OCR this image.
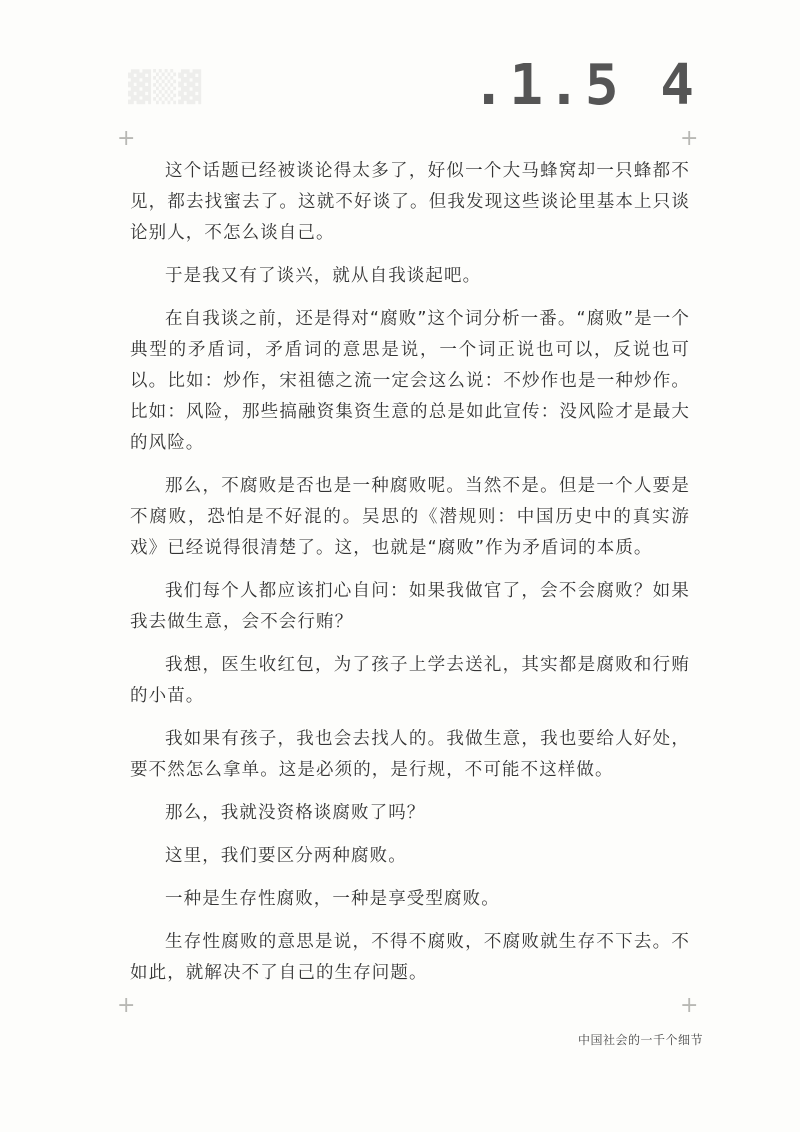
▓▒▓	.1.5 4
+	+

这个话题已经被谈论得太多了，好似一个大马蜂窝却一只蜂都不见，都去找蜜去了。这就不好谈了。但我发现这些谈论里基本上只谈论别人，不怎么谈自己。

于是我又有了谈兴，就从自我谈起吧。

在自我谈之前，还是得对“腐败”这个词分析一番。“腐败”是一个典型的矛盾词，矛盾词的意思是说，一个词正说也可以，反说也可以。比如：炒作，宋祖德之流一定会这么说：不炒作也是一种炒作。比如：风险，那些搞融资集资生意的总是如此宣传：没风险才是最大的风险。

那么，不腐败是否也是一种腐败呢。当然不是。但是一个人要是不腐败，恐怕是不好混的。吴思的《潜规则：中国历史中的真实游戏》已经说得很清楚了。这，也就是“腐败”作为矛盾词的本质。

我们每个人都应该扪心自问：如果我做官了，会不会腐败？如果我去做生意，会不会行贿？

我想，医生收红包，为了孩子上学去送礼，其实都是腐败和行贿的小苗。

我如果有孩子，我也会去找人的。我做生意，我也要给人好处，要不然怎么拿单。这是必须的，是行规，不可能不这样做。

那么，我就没资格谈腐败了吗？

这里，我们要区分两种腐败。

一种是生存性腐败，一种是享受型腐败。

生存性腐败的意思是说，不得不腐败，不腐败就生存不下去。不如此，就解决不了自己的生存问题。

+	+
中国社会的一千个细节
